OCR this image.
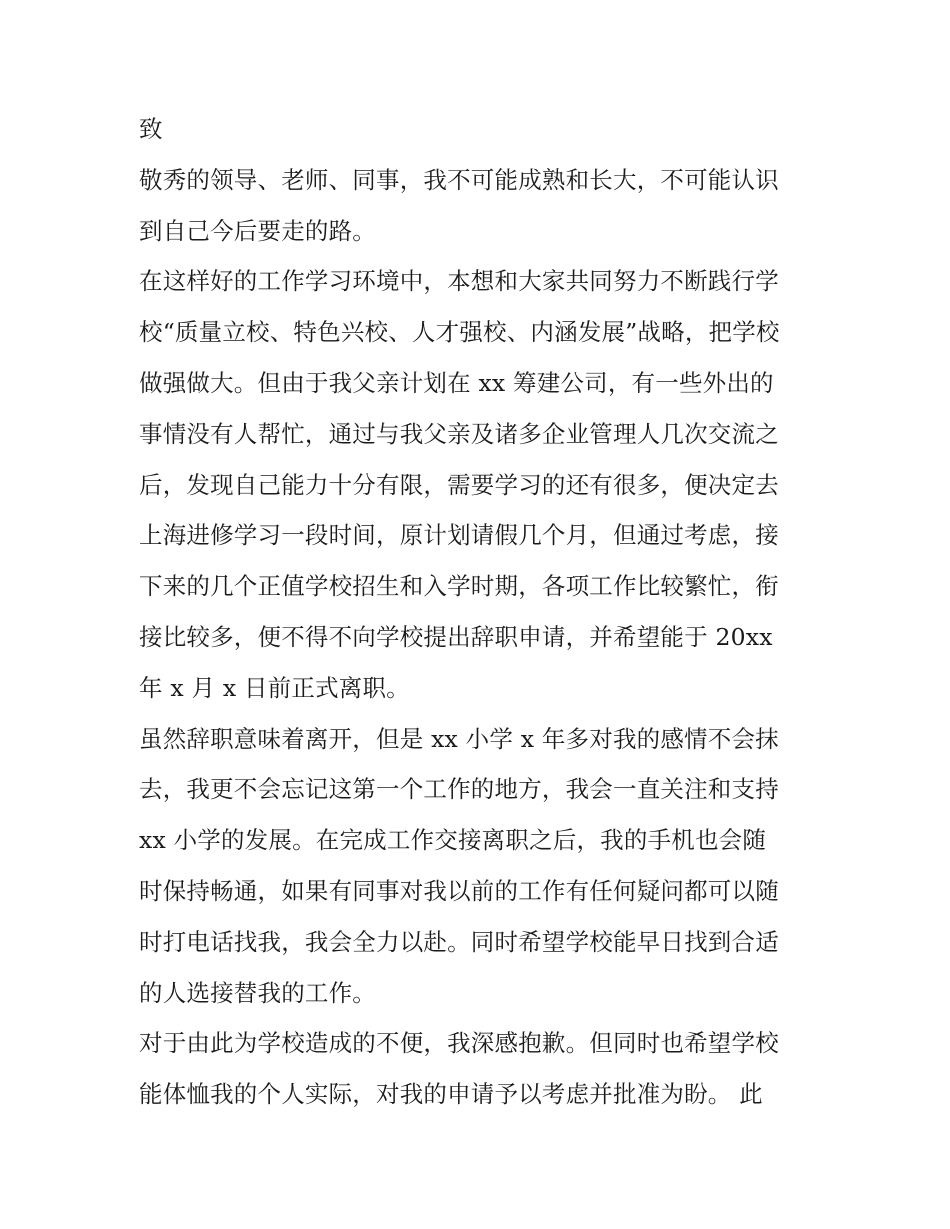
致
敬秀的领导、老师、同事，我不可能成熟和长大，不可能认识
到自己今后要走的路。
在这样好的工作学习环境中，本想和大家共同努力不断践行学
校“质量立校、特色兴校、人才强校、内涵发展”战略，把学校
做强做大。但由于我父亲计划在 xx 筹建公司，有一些外出的
事情没有人帮忙，通过与我父亲及诸多企业管理人几次交流之
后，发现自己能力十分有限，需要学习的还有很多，便决定去
上海进修学习一段时间，原计划请假几个月，但通过考虑，接
下来的几个正值学校招生和入学时期，各项工作比较繁忙，衔
接比较多，便不得不向学校提出辞职申请，并希望能于 20xx
年 x 月 x 日前正式离职。
虽然辞职意味着离开，但是 xx 小学 x 年多对我的感情不会抹
去，我更不会忘记这第一个工作的地方，我会一直关注和支持
xx 小学的发展。在完成工作交接离职之后，我的手机也会随
时保持畅通，如果有同事对我以前的工作有任何疑问都可以随
时打电话找我，我会全力以赴。同时希望学校能早日找到合适
的人选接替我的工作。
对于由此为学校造成的不便，我深感抱歉。但同时也希望学校
能体恤我的个人实际，对我的申请予以考虑并批准为盼。 此
